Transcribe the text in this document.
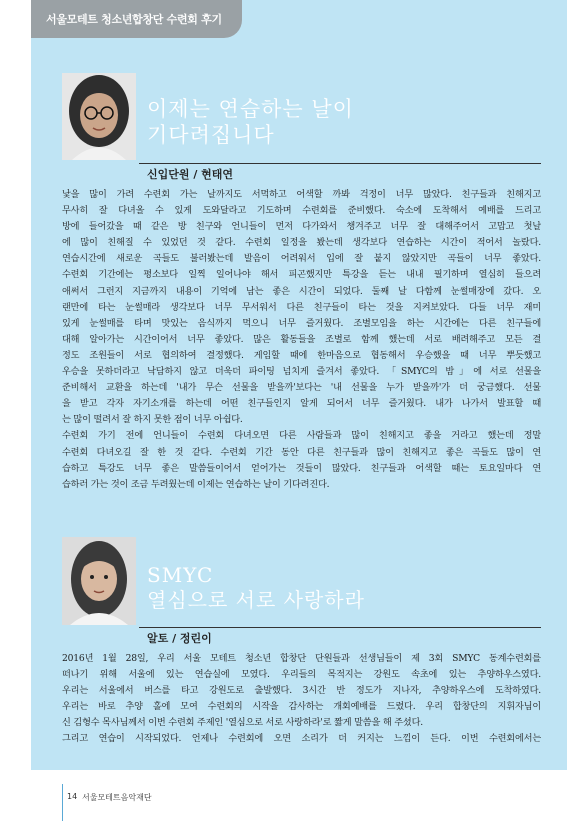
서울모테트 청소년합창단 수련회 후기
이제는 연습하는 날이
기다려집니다
신입단원 / 현태연
낯을 많이 가려 수련회 가는 날까지도 서먹하고 어색할 까봐 걱정이 너무 많았다. 친구들과 친해지고
무사히 잘 다녀올 수 있게 도와달라고 기도하며 수련회를 준비했다. 숙소에 도착해서 예배를 드리고
방에 들어갔을 때 같은 방 친구와 언니들이 먼저 다가와서 챙겨주고 너무 잘 대해주어서 고맙고 첫날
에 많이 친해질 수 있었던 것 같다. 수련회 일정을 봤는데 생각보다 연습하는 시간이 적어서 놀랐다.
연습시간에 새로운 곡들도 불러봤는데 발음이 어려워서 입에 잘 붙지 않았지만 곡들이 너무 좋았다.
수련회 기간에는 평소보다 일찍 일어나야 해서 피곤했지만 특강을 듣는 내내 필기하며 열심히 들으려
애써서 그런지 지금까지 내용이 기억에 남는 좋은 시간이 되었다. 둘째 날 다함께 눈썰매장에 갔다. 오
랜만에 타는 눈썰매라 생각보다 너무 무서워서 다른 친구들이 타는 것을 지켜보았다. 다들 너무 재미
있게 눈썰매를 타며 맛있는 음식까지 먹으니 너무 즐거웠다. 조별모임을 하는 시간에는 다른 친구들에
대해 알아가는 시간이어서 너무 좋았다. 많은 활동들을 조별로 함께 했는데 서로 배려해주고 모든 결
정도 조원들이 서로 협의하여 결정했다. 게임할 때에 한마음으로 협동해서 우승했을 때 너무 뿌듯했고
우승을 못하더라고 낙담하지 않고 더욱더 파이팅 넘치게 즐겨서 좋았다. 「SMYC의 밤」에 서로 선물을
준비해서 교환을 하는데 '내가 무슨 선물을 받을까'보다는 '내 선물을 누가 받을까'가 더 궁금했다. 선물
을 받고 각자 자기소개를 하는데 어떤 친구들인지 알게 되어서 너무 즐거웠다. 내가 나가서 발표할 때
는 많이 떨려서 잘 하지 못한 점이 너무 아쉽다.
수련회 가기 전에 언니들이 수련회 다녀오면 다른 사람들과 많이 친해지고 좋을 거라고 했는데 정말
수련회 다녀오길 잘 한 것 같다. 수련회 기간 동안 다른 친구들과 많이 친해지고 좋은 곡들도 많이 연
습하고 특강도 너무 좋은 말씀들이어서 얻어가는 것들이 많았다. 친구들과 어색할 때는 토요일마다 연
습하러 가는 것이 조금 두려웠는데 이제는 연습하는 날이 기다려진다.
SMYC
열심으로 서로 사랑하라
알토 / 정린이
2016년 1월 28일, 우리 서울 모테트 청소년 합창단 단원들과 선생님들이 제 3회 SMYC 동계수련회를
떠나기 위해 서울에 있는 연습실에 모였다. 우리들의 목적지는 강원도 속초에 있는 추양하우스였다.
우리는 서울에서 버스를 타고 강원도로 출발했다. 3시간 반 정도가 지나자, 추양하우스에 도착하였다.
우리는 바로 추양 홀에 모여 수련회의 시작을 감사하는 개회예배를 드렸다. 우리 합창단의 지휘자님이
신 김형수 목사님께서 이번 수련회 주제인 '열심으로 서로 사랑하라'로 짧게 말씀을 해 주셨다.
그리고 연습이 시작되었다. 언제나 수련회에 오면 소리가 더 커지는 느낌이 든다. 이번 수련회에서는
14 서울모테트음악재단
